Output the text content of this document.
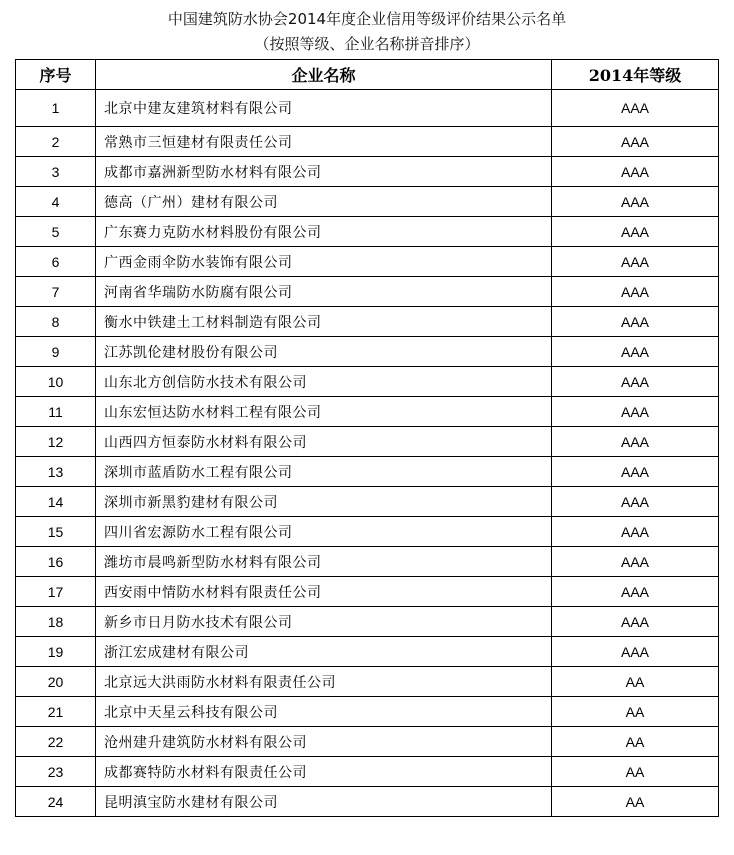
中国建筑防水协会2014年度企业信用等级评价结果公示名单
（按照等级、企业名称拼音排序）
序号	企业名称	2014年等级
1	北京中建友建筑材料有限公司	AAA
2	常熟市三恒建材有限责任公司	AAA
3	成都市嘉洲新型防水材料有限公司	AAA
4	德高（广州）建材有限公司	AAA
5	广东赛力克防水材料股份有限公司	AAA
6	广西金雨伞防水装饰有限公司	AAA
7	河南省华瑞防水防腐有限公司	AAA
8	衡水中铁建土工材料制造有限公司	AAA
9	江苏凯伦建材股份有限公司	AAA
10	山东北方创信防水技术有限公司	AAA
11	山东宏恒达防水材料工程有限公司	AAA
12	山西四方恒泰防水材料有限公司	AAA
13	深圳市蓝盾防水工程有限公司	AAA
14	深圳市新黑豹建材有限公司	AAA
15	四川省宏源防水工程有限公司	AAA
16	潍坊市晨鸣新型防水材料有限公司	AAA
17	西安雨中情防水材料有限责任公司	AAA
18	新乡市日月防水技术有限公司	AAA
19	浙江宏成建材有限公司	AAA
20	北京远大洪雨防水材料有限责任公司	AA
21	北京中天星云科技有限公司	AA
22	沧州建升建筑防水材料有限公司	AA
23	成都赛特防水材料有限责任公司	AA
24	昆明滇宝防水建材有限公司	AA
